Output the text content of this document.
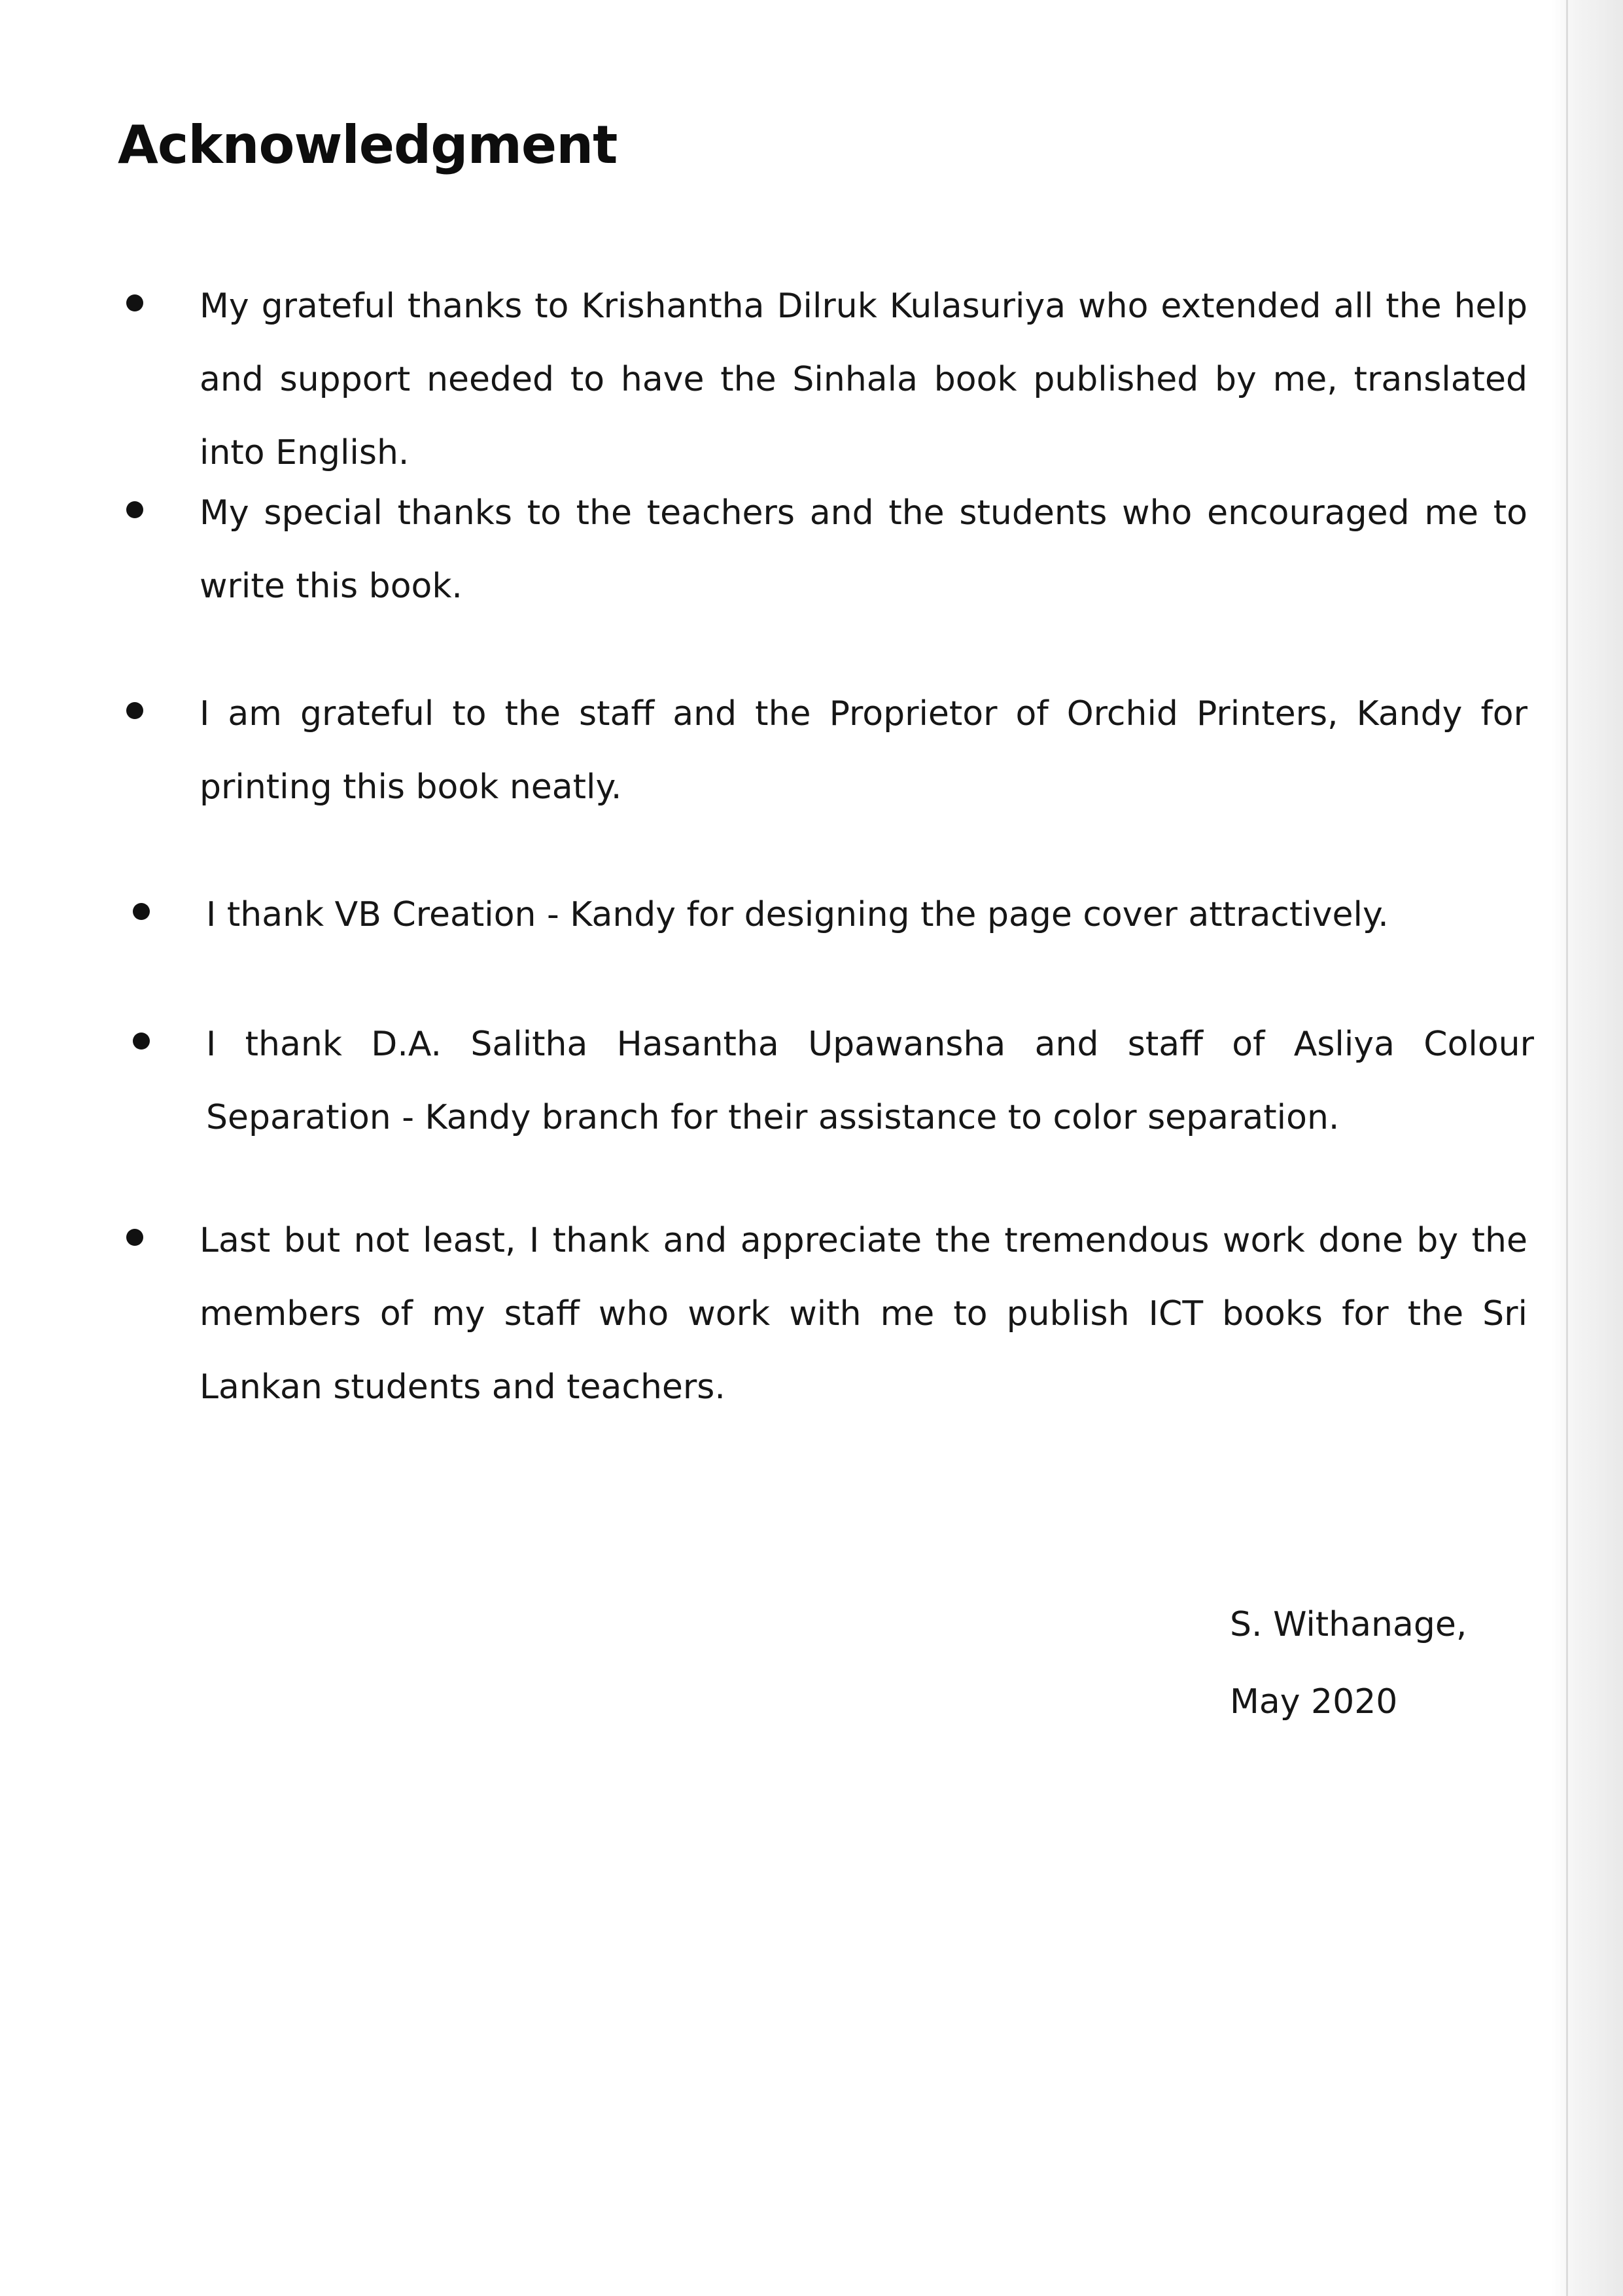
Acknowledgment
My grateful thanks to Krishantha Dilruk Kulasuriya who extended all the help and support needed to have the Sinhala book published by me, translated into English.
My special thanks to the teachers and the students who encouraged me to write this book.
I am grateful to the staff and the Proprietor of Orchid Printers, Kandy for printing this book neatly.
I thank VB Creation - Kandy for designing the page cover attractively.
I thank D.A. Salitha Hasantha Upawansha and staff of Asliya Colour Separation - Kandy branch for their assistance to color separation.
Last but not least, I thank and appreciate the tremendous work done by the members of my staff who work with me to publish ICT books for the Sri Lankan students and teachers.
S. Withanage,
May 2020
